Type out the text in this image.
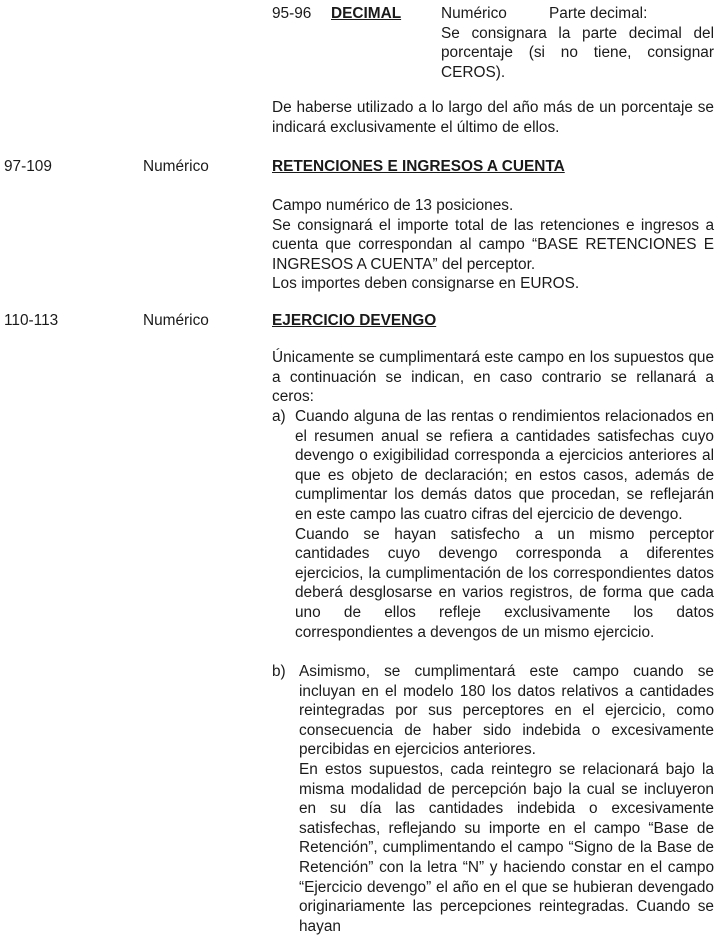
95-96 DECIMAL	Numérico	Parte decimal:
Se consignara la parte decimal del porcentaje (si no tiene, consignar CEROS).
De haberse utilizado a lo largo del año más de un porcentaje se indicará exclusivamente el último de ellos.
97-109	Numérico	RETENCIONES E INGRESOS A CUENTA
Campo numérico de 13 posiciones.
Se consignará el importe total de las retenciones e ingresos a cuenta que correspondan al campo “BASE RETENCIONES E INGRESOS A CUENTA” del perceptor.
Los importes deben consignarse en EUROS.
110-113	Numérico	EJERCICIO DEVENGO
Únicamente se cumplimentará este campo en los supuestos que a continuación se indican, en caso contrario se rellanará a ceros:
a) Cuando alguna de las rentas o rendimientos relacionados en el resumen anual se refiera a cantidades satisfechas cuyo devengo o exigibilidad corresponda a ejercicios anteriores al que es objeto de declaración; en estos casos, además de cumplimentar los demás datos que procedan, se reflejarán en este campo las cuatro cifras del ejercicio de devengo.
Cuando se hayan satisfecho a un mismo perceptor cantidades cuyo devengo corresponda a diferentes ejercicios, la cumplimentación de los correspondientes datos deberá desglosarse en varios registros, de forma que cada uno de ellos refleje exclusivamente los datos correspondientes a devengos de un mismo ejercicio.
b) Asimismo, se cumplimentará este campo cuando se incluyan en el modelo 180 los datos relativos a cantidades reintegradas por sus perceptores en el ejercicio, como consecuencia de haber sido indebida o excesivamente percibidas en ejercicios anteriores.
En estos supuestos, cada reintegro se relacionará bajo la misma modalidad de percepción bajo la cual se incluyeron en su día las cantidades indebida o excesivamente satisfechas, reflejando su importe en el campo “Base de Retención”, cumplimentando el campo “Signo de la Base de Retención” con la letra “N” y haciendo constar en el campo “Ejercicio devengo” el año en el que se hubieran devengado originariamente las percepciones reintegradas. Cuando se hayan
